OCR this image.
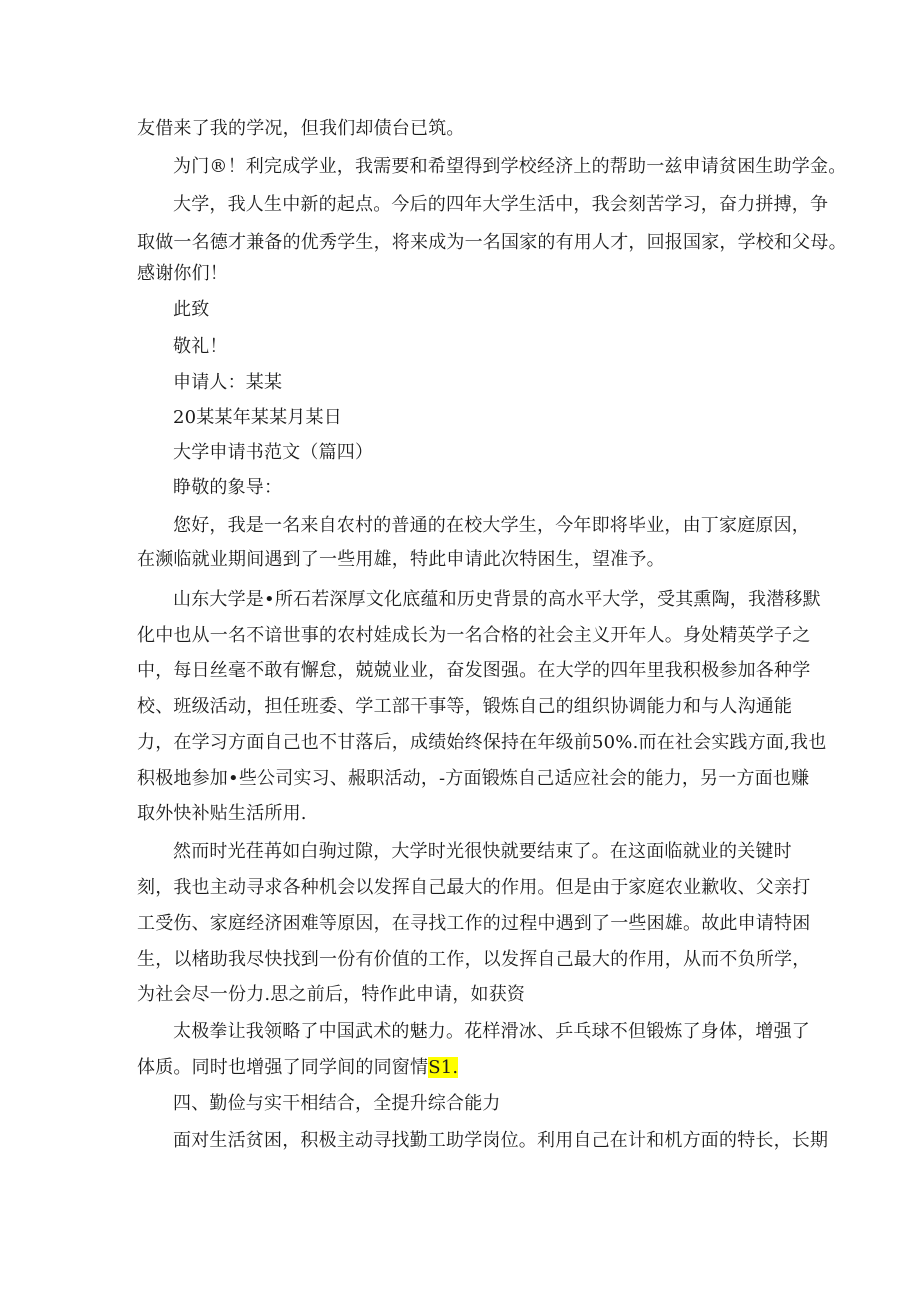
友借来了我的学况，但我们却债台已筑。
为门®！利完成学业，我需要和希望得到学校经济上的帮助一兹申请贫困生助学金。
大学，我人生中新的起点。今后的四年大学生活中，我会刻苦学习，奋力拼搏，争
取做一名德才兼备的优秀学生，将来成为一名国家的有用人才，回报国家，学校和父母。
感谢你们！
此致
敬礼！
申请人：某某
20某某年某某月某日
大学申请书范文（篇四）
睁敬的象导：
您好，我是一名来自农村的普通的在校大学生，今年即将毕业，由丁家庭原因，
在濒临就业期间遇到了一些用雄，特此申请此次特困生，望准予。
山东大学是•所石若深厚文化底蕴和历史背景的高水平大学，受其熏陶，我潜移默
化中也从一名不谙世事的农村娃成长为一名合格的社会主义开年人。身处精英学子之
中，每日丝毫不敢有懈怠，兢兢业业，奋发图强。在大学的四年里我积极参加各种学
校、班级活动，担任班委、学工部干事等，锻炼自己的组织协调能力和与人沟通能
力，在学习方面自己也不甘落后，成绩始终保持在年级前50%.而在社会实践方面,我也
积极地参加•些公司实习、赧职活动，-方面锻炼自己适应社会的能力，另一方面也赚
取外快补贴生活所用.
然而时光荏苒如白驹过隙，大学时光很快就要结束了。在这面临就业的关键时
刻，我也主动寻求各种机会以发挥自己最大的作用。但是由于家庭农业歉收、父亲打
工受伤、家庭经济困难等原因，在寻找工作的过程中遇到了一些困雄。故此申请特困
生，以楮助我尽快找到一份有价值的工作，以发挥自己最大的作用，从而不负所学，
为社会尽一份力.思之前后，特作此申请，如获资
太极拳让我领略了中国武术的魅力。花样滑冰、乒乓球不但锻炼了身体，增强了
体质。同时也增强了同学间的同窗情S1.
四、勤俭与实干相结合，全提升综合能力
面对生活贫困，积极主动寻找勤工助学岗位。利用自己在计和机方面的特长，长期
